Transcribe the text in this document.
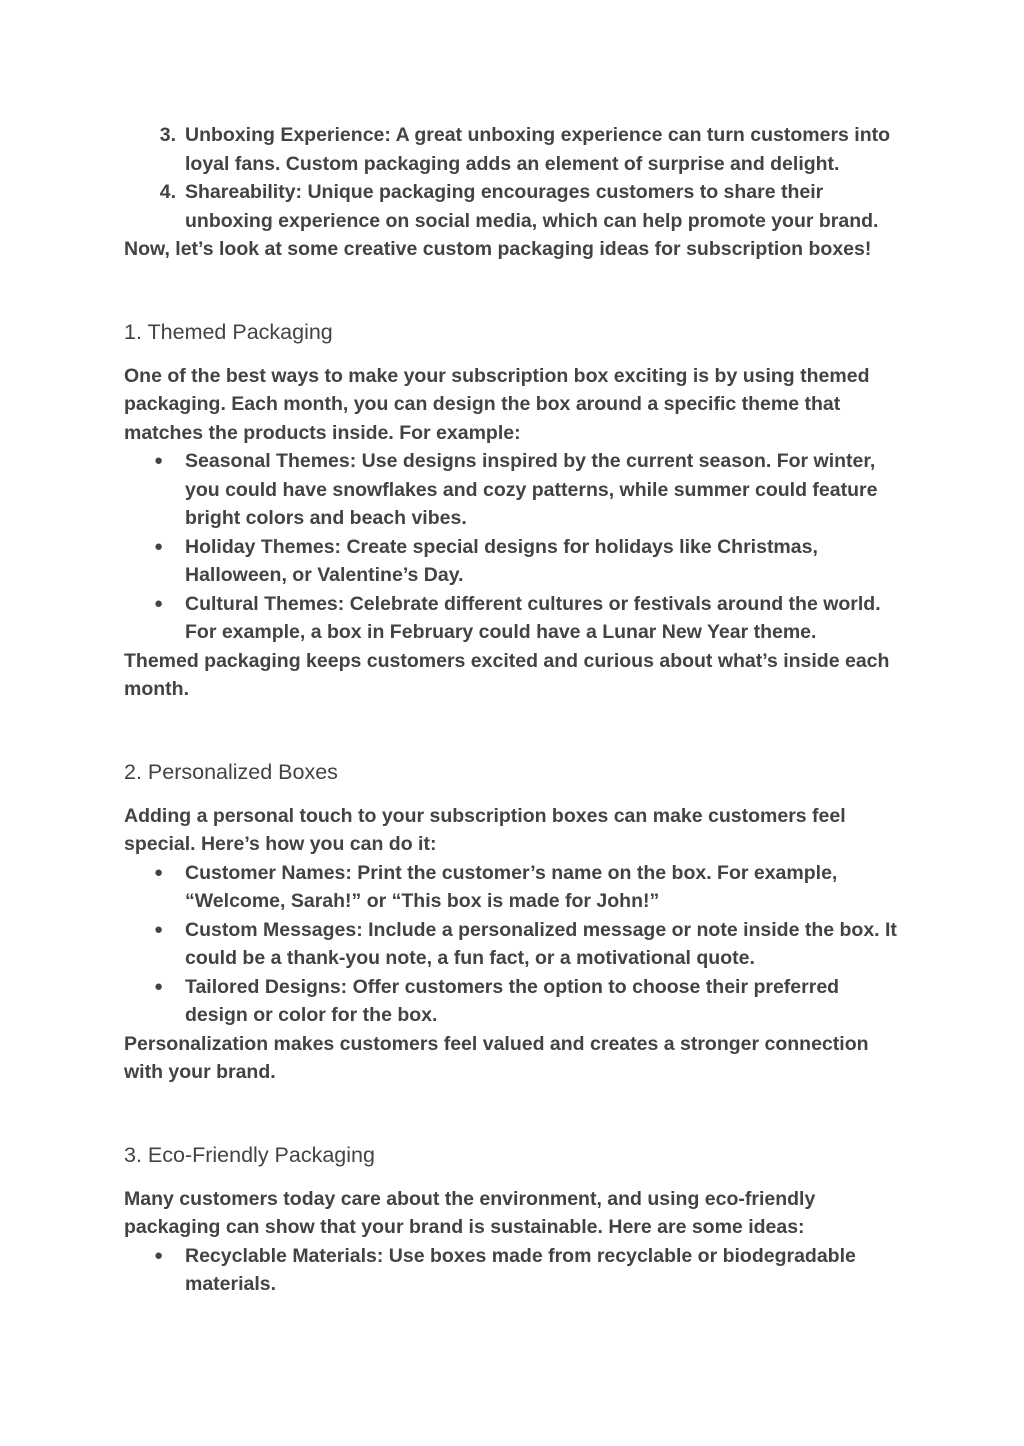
3. Unboxing Experience: A great unboxing experience can turn customers into loyal fans. Custom packaging adds an element of surprise and delight.
4. Shareability: Unique packaging encourages customers to share their unboxing experience on social media, which can help promote your brand.

Now, let’s look at some creative custom packaging ideas for subscription boxes!

1. Themed Packaging

One of the best ways to make your subscription box exciting is by using themed packaging. Each month, you can design the box around a specific theme that matches the products inside. For example:

● Seasonal Themes: Use designs inspired by the current season. For winter, you could have snowflakes and cozy patterns, while summer could feature bright colors and beach vibes.
● Holiday Themes: Create special designs for holidays like Christmas, Halloween, or Valentine’s Day.
● Cultural Themes: Celebrate different cultures or festivals around the world. For example, a box in February could have a Lunar New Year theme.

Themed packaging keeps customers excited and curious about what’s inside each month.

2. Personalized Boxes

Adding a personal touch to your subscription boxes can make customers feel special. Here’s how you can do it:

● Customer Names: Print the customer’s name on the box. For example, “Welcome, Sarah!” or “This box is made for John!”
● Custom Messages: Include a personalized message or note inside the box. It could be a thank-you note, a fun fact, or a motivational quote.
● Tailored Designs: Offer customers the option to choose their preferred design or color for the box.

Personalization makes customers feel valued and creates a stronger connection with your brand.

3. Eco-Friendly Packaging

Many customers today care about the environment, and using eco-friendly packaging can show that your brand is sustainable. Here are some ideas:

● Recyclable Materials: Use boxes made from recyclable or biodegradable materials.
